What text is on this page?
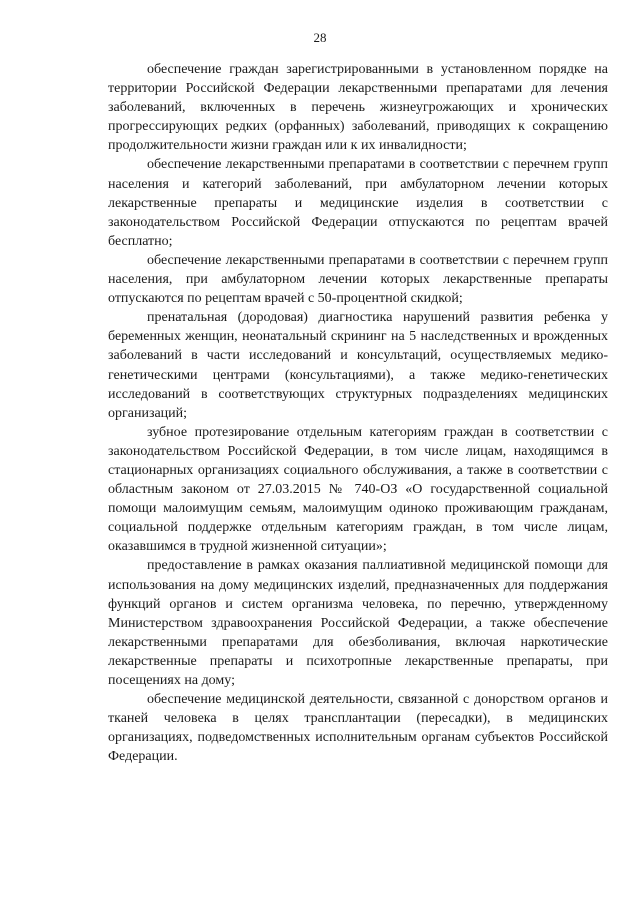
28

обеспечение граждан зарегистрированными в установленном порядке на территории Российской Федерации лекарственными препаратами для лечения заболеваний, включенных в перечень жизнеугрожающих и хронических прогрессирующих редких (орфанных) заболеваний, приводящих к сокращению продолжительности жизни граждан или к их инвалидности;

обеспечение лекарственными препаратами в соответствии с перечнем групп населения и категорий заболеваний, при амбулаторном лечении которых лекарственные препараты и медицинские изделия в соответствии с законодательством Российской Федерации отпускаются по рецептам врачей бесплатно;

обеспечение лекарственными препаратами в соответствии с перечнем групп населения, при амбулаторном лечении которых лекарственные препараты отпускаются по рецептам врачей с 50-процентной скидкой;

пренатальная (дородовая) диагностика нарушений развития ребенка у беременных женщин, неонатальный скрининг на 5 наследственных и врожденных заболеваний в части исследований и консультаций, осуществляемых медико-генетическими центрами (консультациями), а также медико-генетических исследований в соответствующих структурных подразделениях медицинских организаций;

зубное протезирование отдельным категориям граждан в соответствии с законодательством Российской Федерации, в том числе лицам, находящимся в стационарных организациях социального обслуживания, а также в соответствии с областным законом от 27.03.2015 № 740-ОЗ «О государственной социальной помощи малоимущим семьям, малоимущим одиноко проживающим гражданам, социальной поддержке отдельным категориям граждан, в том числе лицам, оказавшимся в трудной жизненной ситуации»;

предоставление в рамках оказания паллиативной медицинской помощи для использования на дому медицинских изделий, предназначенных для поддержания функций органов и систем организма человека, по перечню, утвержденному Министерством здравоохранения Российской Федерации, а также обеспечение лекарственными препаратами для обезболивания, включая наркотические лекарственные препараты и психотропные лекарственные препараты, при посещениях на дому;

обеспечение медицинской деятельности, связанной с донорством органов и тканей человека в целях трансплантации (пересадки), в медицинских организациях, подведомственных исполнительным органам субъектов Российской Федерации.
